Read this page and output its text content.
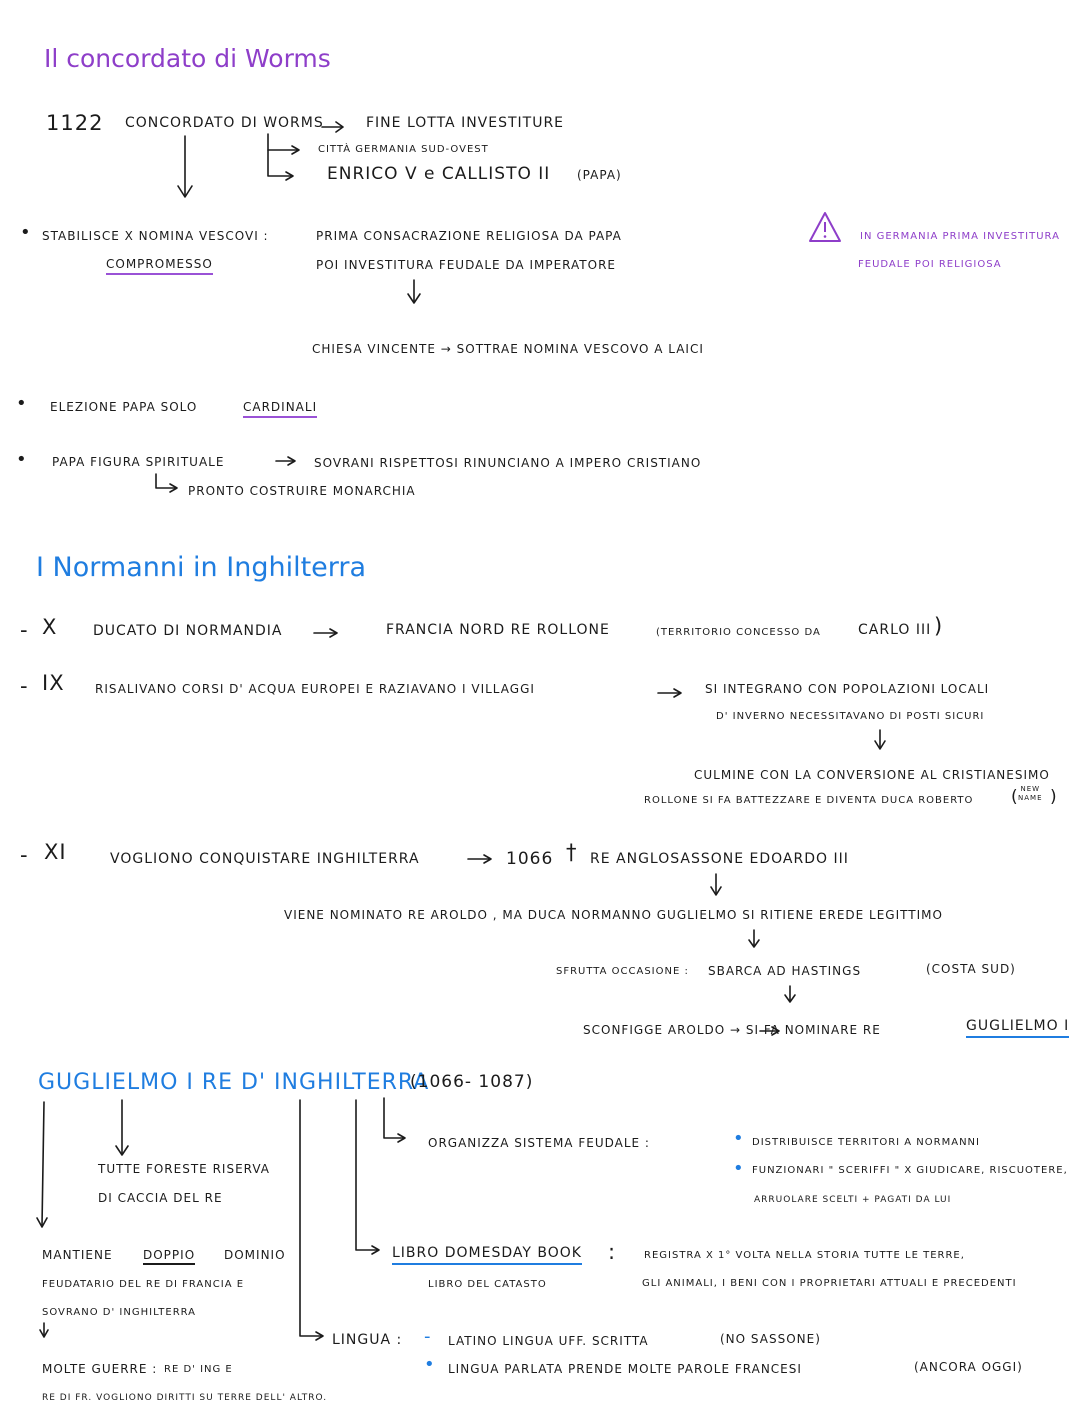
Il concordato di Worms
1122 CONCORDATO DI WORMS	FINE LOTTA INVESTITURE
CITTÀ GERMANIA SUD-OVEST
ENRICO V e CALLISTO II (PAPA)
• STABILISCE X NOMINA VESCOVI :
COMPROMESSO
PRIMA CONSACRAZIONE RELIGIOSA DA PAPA
POI INVESTITURA FEUDALE DA IMPERATORE
IN GERMANIA PRIMA INVESTITURA
FEUDALE POI RELIGIOSA
CHIESA VINCENTE → SOTTRAE NOMINA VESCOVO A LAICI
• ELEZIONE PAPA SOLO	CARDINALI
• PAPA FIGURA SPIRITUALE	SOVRANI RISPETTOSI RINUNCIANO A IMPERO CRISTIANO
PRONTO COSTRUIRE MONARCHIA
I Normanni in Inghilterra
- X	DUCATO DI NORMANDIA	FRANCIA NORD RE ROLLONE	(TERRITORIO CONCESSO DA	CARLO III )
- IX	RISALIVANO CORSI D' ACQUA EUROPEI E RAZIAVANO I VILLAGGI	SI INTEGRANO CON POPOLAZIONI LOCALI
D' INVERNO NECESSITAVANO DI POSTI SICURI
CULMINE CON LA CONVERSIONE AL CRISTIANESIMO
ROLLONE SI FA BATTEZZARE E DIVENTA DUCA ROBERTO
NEW
NAME
( )
- XI	VOGLIONO CONQUISTARE INGHILTERRA	1066 † RE ANGLOSASSONE EDOARDO III
VIENE NOMINATO RE AROLDO , MA DUCA NORMANNO GUGLIELMO SI RITIENE EREDE LEGITTIMO
SFRUTTA OCCASIONE : SBARCA AD HASTINGS	(COSTA SUD)
SCONFIGGE AROLDO → SI FA NOMINARE RE	GUGLIELMO I
GUGLIELMO I RE D' INGHILTERRA
(1066- 1087)
ORGANIZZA SISTEMA FEUDALE :	• DISTRIBUISCE TERRITORI A NORMANNI
• FUNZIONARI " SCERIFFI " X GIUDICARE, RISCUOTERE,
ARRUOLARE SCELTI + PAGATI DA LUI
TUTTE FORESTE RISERVA
DI CACCIA DEL RE
MANTIENE	DOPPIO DOMINIO
FEUDATARIO DEL RE DI FRANCIA E
SOVRANO D' INGHILTERRA
LIBRO DOMESDAY BOOK :
LIBRO DEL CATASTO
REGISTRA X 1° VOLTA NELLA STORIA TUTTE LE TERRE,
GLI ANIMALI, I BENI CON I PROPRIETARI ATTUALI E PRECEDENTI
LINGUA : - LATINO LINGUA UFF. SCRITTA	(NO SASSONE)
• LINGUA PARLATA PRENDE MOLTE PAROLE FRANCESI	(ANCORA OGGI)
MOLTE GUERRE : RE D' ING E
RE DI FR. VOGLIONO DIRITTI SU TERRE DELL' ALTRO.
